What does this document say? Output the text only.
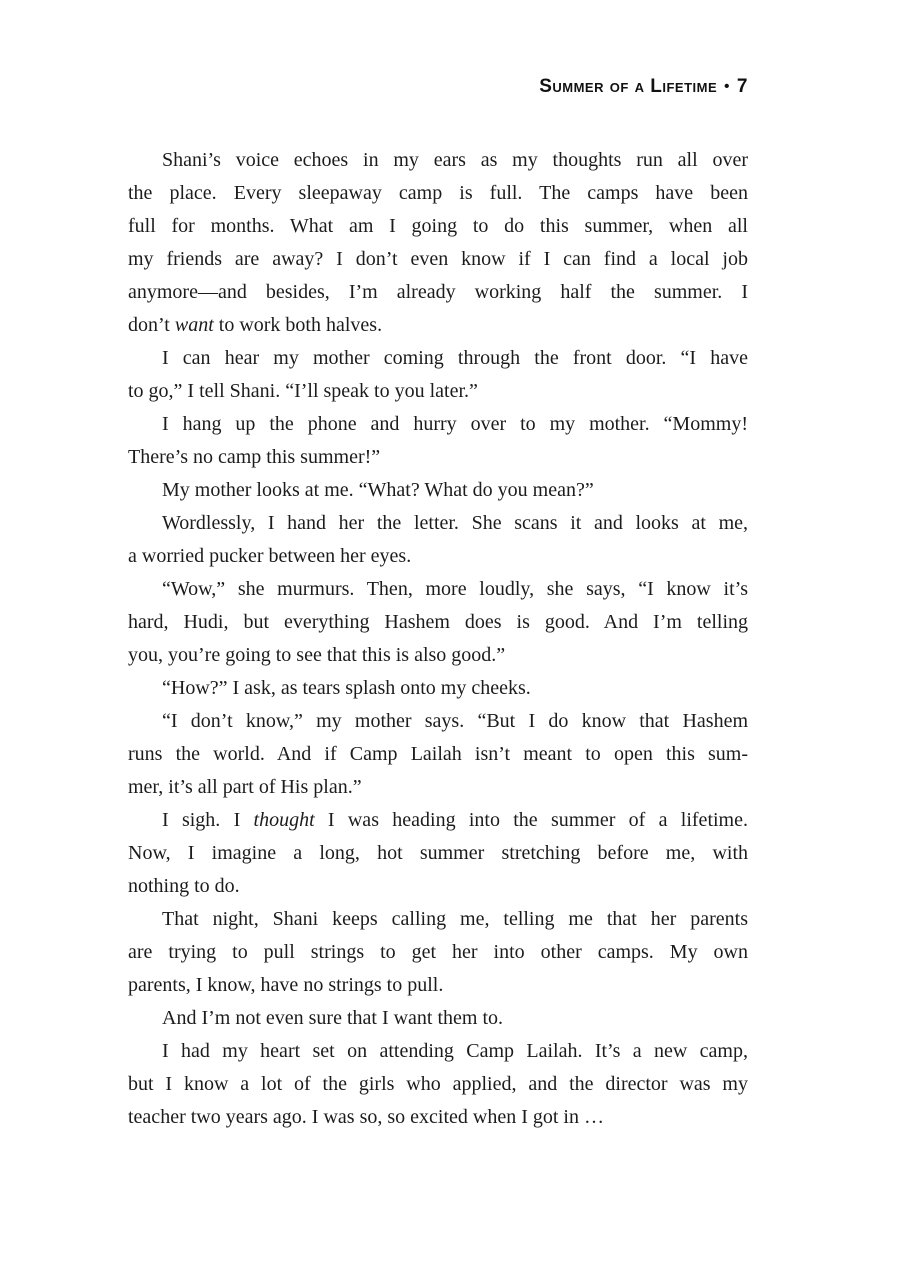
Summer of a Lifetime • 7

Shani’s voice echoes in my ears as my thoughts run all over
the place. Every sleepaway camp is full. The camps have been
full for months. What am I going to do this summer, when all
my friends are away? I don’t even know if I can find a local job
anymore—and besides, I’m already working half the summer. I
don’t want to work both halves.

I can hear my mother coming through the front door. “I have
to go,” I tell Shani. “I’ll speak to you later.”

I hang up the phone and hurry over to my mother. “Mommy!
There’s no camp this summer!”

My mother looks at me. “What? What do you mean?”

Wordlessly, I hand her the letter. She scans it and looks at me,
a worried pucker between her eyes.

“Wow,” she murmurs. Then, more loudly, she says, “I know it’s
hard, Hudi, but everything Hashem does is good. And I’m telling
you, you’re going to see that this is also good.”

“How?” I ask, as tears splash onto my cheeks.

“I don’t know,” my mother says. “But I do know that Hashem
runs the world. And if Camp Lailah isn’t meant to open this sum-
mer, it’s all part of His plan.”

I sigh. I thought I was heading into the summer of a lifetime.
Now, I imagine a long, hot summer stretching before me, with
nothing to do.

That night, Shani keeps calling me, telling me that her parents
are trying to pull strings to get her into other camps. My own
parents, I know, have no strings to pull.

And I’m not even sure that I want them to.

I had my heart set on attending Camp Lailah. It’s a new camp,
but I know a lot of the girls who applied, and the director was my
teacher two years ago. I was so, so excited when I got in …
